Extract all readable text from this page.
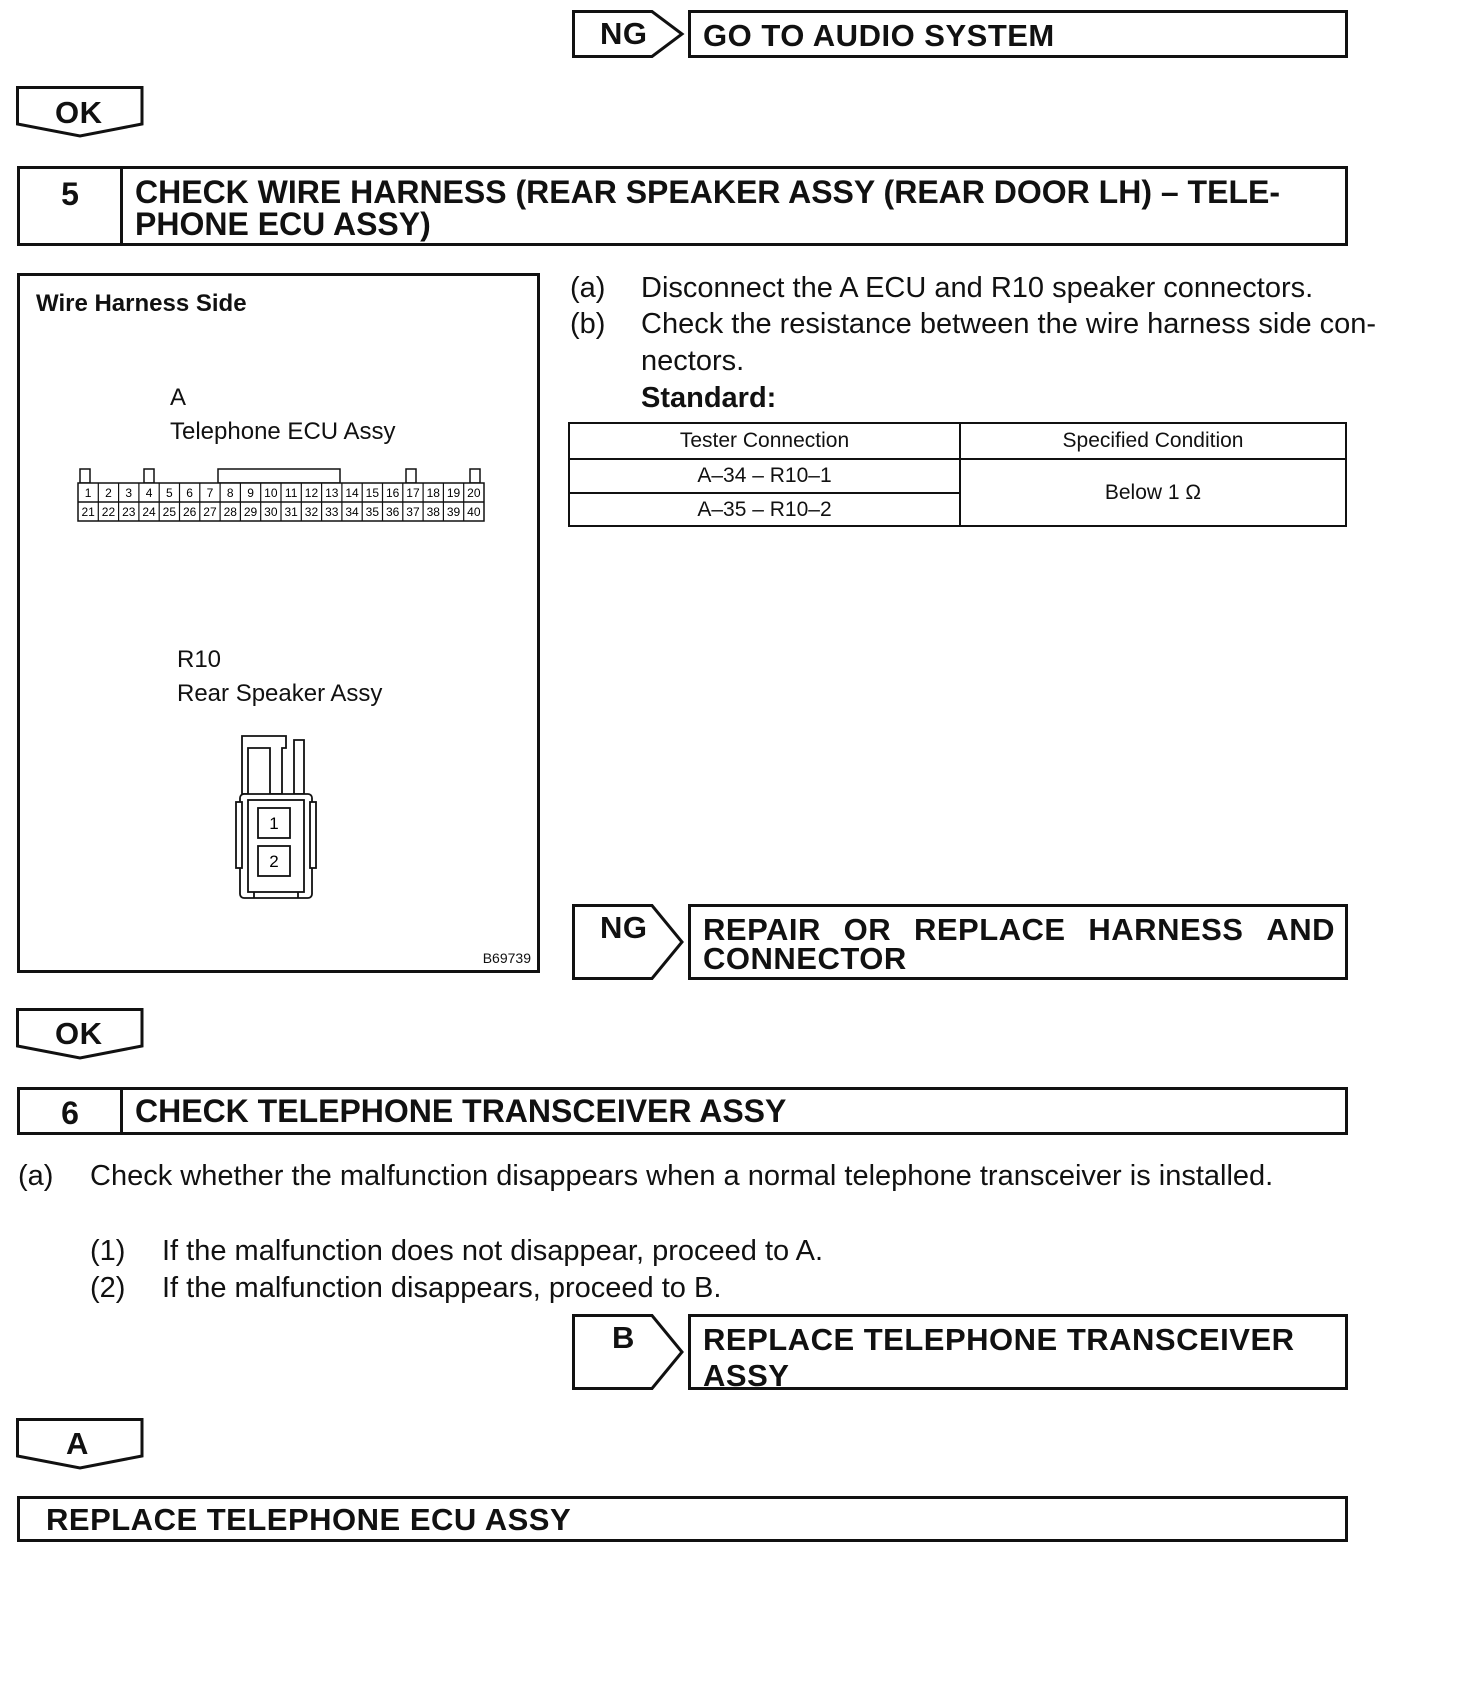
NG GO TO AUDIO SYSTEM
OK
5	CHECK WIRE HARNESS (REAR SPEAKER ASSY (REAR DOOR LH) – TELE-
PHONE ECU ASSY)
Wire Harness Side
A
Telephone ECU Assy
1 2 3 4 5 6 7 8 9 10 11 12 13 14 15 16 17 18 19 20
21 22 23 24 25 26 27 28 29 30 31 32 33 34 35 36 37 38 39 40
R10
Rear Speaker Assy
1
2
B69739
(a) Disconnect the A ECU and R10 speaker connectors.
(b) Check the resistance between the wire harness side con-
nectors.
Standard:
Tester Connection	Specified Condition
A–34 – R10–1	Below 1 Ω
A–35 – R10–2	
NG REPAIR OR REPLACE HARNESS AND
CONNECTOR
OK
6	CHECK TELEPHONE TRANSCEIVER ASSY
(a) Check whether the malfunction disappears when a normal telephone transceiver is installed.
(1) If the malfunction does not disappear, proceed to A.
(2) If the malfunction disappears, proceed to B.
B REPLACE TELEPHONE TRANSCEIVER ASSY
A
REPLACE TELEPHONE ECU ASSY
